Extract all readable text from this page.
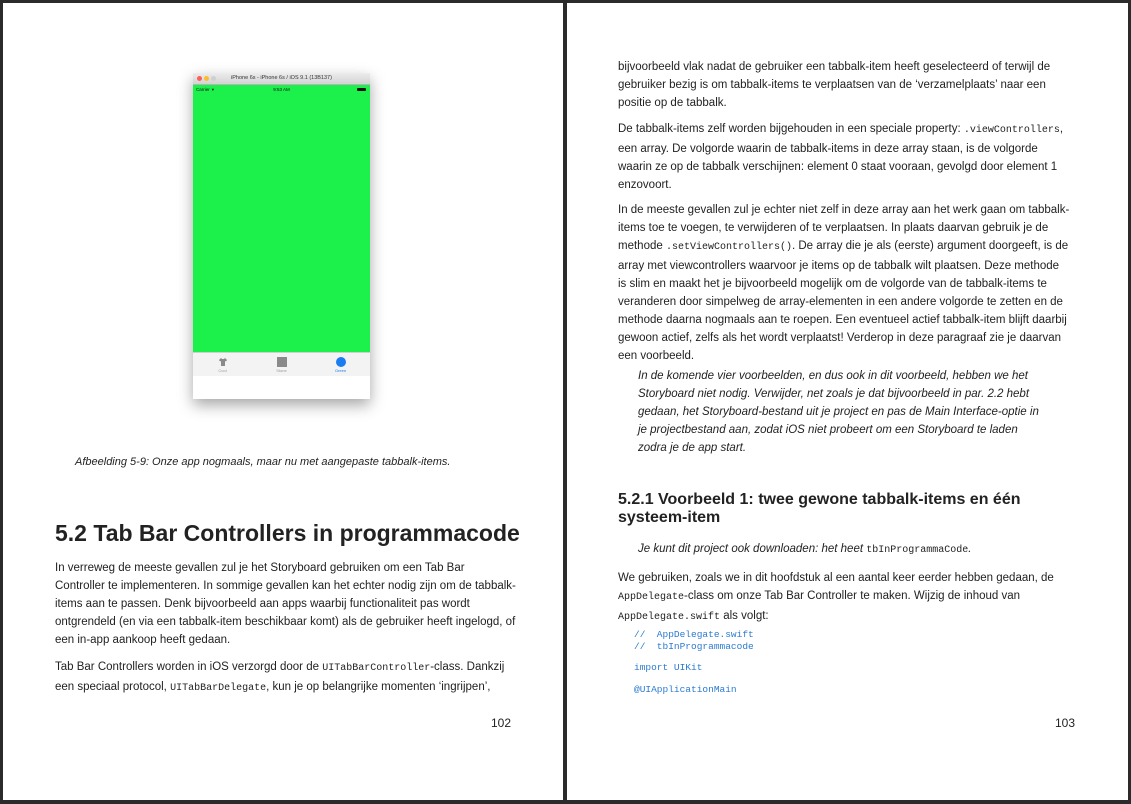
iPhone 6s - iPhone 6s / iOS 9.1 (13B137)
Carrier ▾	9:53 AM
Cool	Stone	Green

Afbeelding 5-9: Onze app nogmaals, maar nu met aangepaste tabbalk-items.

5.2 Tab Bar Controllers in programmacode

In verreweg de meeste gevallen zul je het Storyboard gebruiken om een Tab Bar Controller te implementeren. In sommige gevallen kan het echter nodig zijn om de tabbalk-items aan te passen. Denk bijvoorbeeld aan apps waarbij functionaliteit pas wordt ontgrendeld (en via een tabbalk-item beschikbaar komt) als de gebruiker heeft ingelogd, of een in-app aankoop heeft gedaan.

Tab Bar Controllers worden in iOS verzorgd door de UITabBarController-class. Dankzij een speciaal protocol, UITabBarDelegate, kun je op belangrijke momenten ‘ingrijpen’,

102

bijvoorbeeld vlak nadat de gebruiker een tabbalk-item heeft geselecteerd of terwijl de gebruiker bezig is om tabbalk-items te verplaatsen van de ‘verzamelplaats’ naar een positie op de tabbalk.

De tabbalk-items zelf worden bijgehouden in een speciale property: .viewControllers, een array. De volgorde waarin de tabbalk-items in deze array staan, is de volgorde waarin ze op de tabbalk verschijnen: element 0 staat vooraan, gevolgd door element 1 enzovoort.

In de meeste gevallen zul je echter niet zelf in deze array aan het werk gaan om tabbalk-items toe te voegen, te verwijderen of te verplaatsen. In plaats daarvan gebruik je de methode .setViewControllers(). De array die je als (eerste) argument doorgeeft, is de array met viewcontrollers waarvoor je items op de tabbalk wilt plaatsen. Deze methode is slim en maakt het je bijvoorbeeld mogelijk om de volgorde van de tabbalk-items te veranderen door simpelweg de array-elementen in een andere volgorde te zetten en de methode daarna nogmaals aan te roepen. Een eventueel actief tabbalk-item blijft daarbij gewoon actief, zelfs als het wordt verplaatst! Verderop in deze paragraaf zie je daarvan een voorbeeld.

In de komende vier voorbeelden, en dus ook in dit voorbeeld, hebben we het Storyboard niet nodig. Verwijder, net zoals je dat bijvoorbeeld in par. 2.2 hebt gedaan, het Storyboard-bestand uit je project en pas de Main Interface-optie in je projectbestand aan, zodat iOS niet probeert om een Storyboard te laden zodra je de app start.

5.2.1 Voorbeeld 1: twee gewone tabbalk-items en één systeem-item

Je kunt dit project ook downloaden: het heet tbInProgrammaCode.

We gebruiken, zoals we in dit hoofdstuk al een aantal keer eerder hebben gedaan, de AppDelegate-class om onze Tab Bar Controller te maken. Wijzig de inhoud van AppDelegate.swift als volgt:

//  AppDelegate.swift
//  tbInProgrammacode
import UIKit
@UIApplicationMain
103
